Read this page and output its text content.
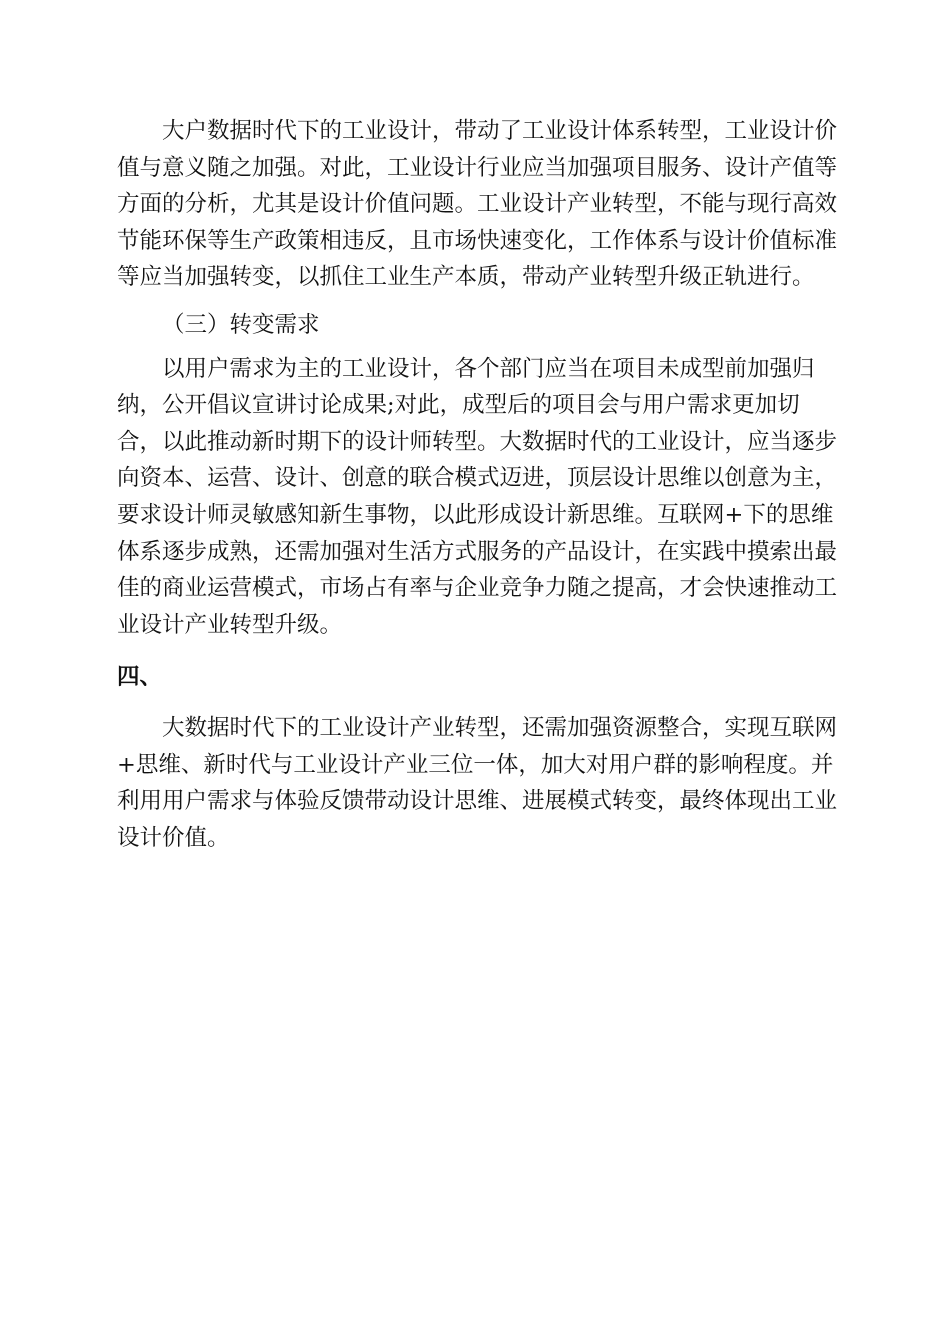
大户数据时代下的工业设计，带动了工业设计体系转型，工业设计价
值与意义随之加强。对此，工业设计行业应当加强项目服务、设计产值等
方面的分析，尤其是设计价值问题。工业设计产业转型，不能与现行高效
节能环保等生产政策相违反，且市场快速变化，工作体系与设计价值标准
等应当加强转变，以抓住工业生产本质，带动产业转型升级正轨进行。
（三）转变需求
以用户需求为主的工业设计，各个部门应当在项目未成型前加强归
纳，公开倡议宣讲讨论成果;对此，成型后的项目会与用户需求更加切
合，以此推动新时期下的设计师转型。大数据时代的工业设计，应当逐步
向资本、运营、设计、创意的联合模式迈进，顶层设计思维以创意为主，
要求设计师灵敏感知新生事物，以此形成设计新思维。互联网+下的思维
体系逐步成熟，还需加强对生活方式服务的产品设计，在实践中摸索出最
佳的商业运营模式，市场占有率与企业竞争力随之提高，才会快速推动工
业设计产业转型升级。
四、
大数据时代下的工业设计产业转型，还需加强资源整合，实现互联网
+思维、新时代与工业设计产业三位一体，加大对用户群的影响程度。并
利用用户需求与体验反馈带动设计思维、进展模式转变，最终体现出工业
设计价值。
